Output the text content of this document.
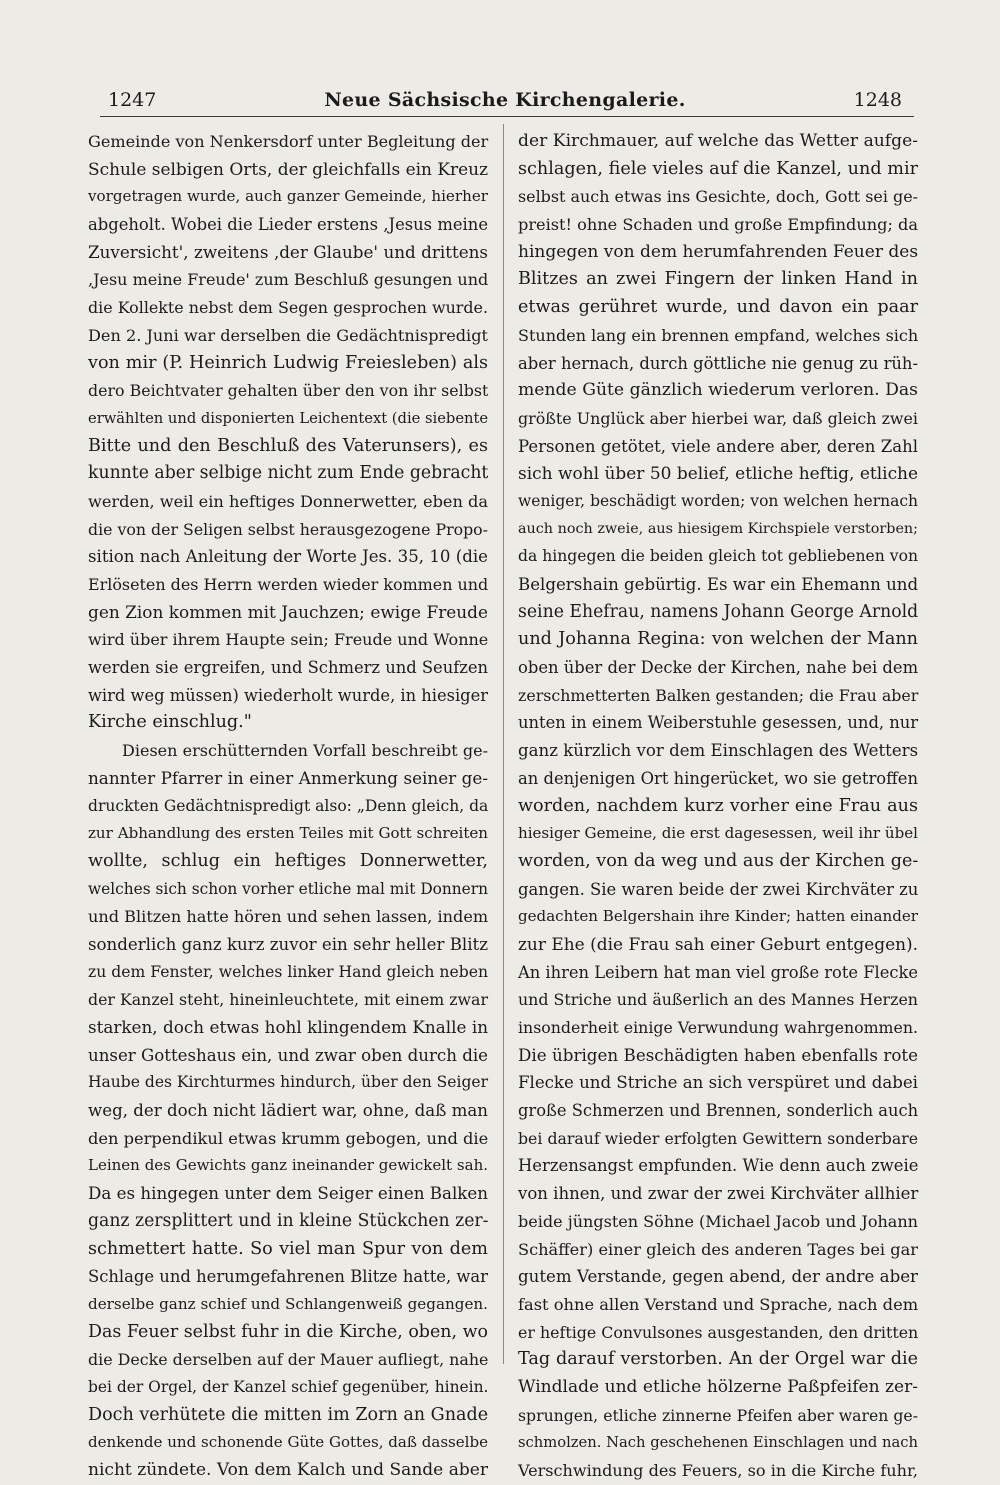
1247	Neue Sächsische Kirchengalerie.	1248
Gemeinde von Nenkersdorf unter Begleitung der
Schule selbigen Orts, der gleichfalls ein Kreuz
vorgetragen wurde, auch ganzer Gemeinde, hierher
abgeholt. Wobei die Lieder erstens ‚Jesus meine
Zuversicht', zweitens ‚der Glaube' und drittens
‚Jesu meine Freude' zum Beschluß gesungen und
die Kollekte nebst dem Segen gesprochen wurde.
Den 2. Juni war derselben die Gedächtnispredigt
von mir (P. Heinrich Ludwig Freiesleben) als
dero Beichtvater gehalten über den von ihr selbst
erwählten und disponierten Leichentext (die siebente
Bitte und den Beschluß des Vaterunsers), es
kunnte aber selbige nicht zum Ende gebracht
werden, weil ein heftiges Donnerwetter, eben da
die von der Seligen selbst herausgezogene Propo-
sition nach Anleitung der Worte Jes. 35, 10 (die
Erlöseten des Herrn werden wieder kommen und
gen Zion kommen mit Jauchzen; ewige Freude
wird über ihrem Haupte sein; Freude und Wonne
werden sie ergreifen, und Schmerz und Seufzen
wird weg müssen) wiederholt wurde, in hiesiger
Kirche einschlug."
Diesen erschütternden Vorfall beschreibt ge-
nannter Pfarrer in einer Anmerkung seiner ge-
druckten Gedächtnispredigt also: „Denn gleich, da
zur Abhandlung des ersten Teiles mit Gott schreiten
wollte, schlug ein heftiges Donnerwetter,
welches sich schon vorher etliche mal mit Donnern
und Blitzen hatte hören und sehen lassen, indem
sonderlich ganz kurz zuvor ein sehr heller Blitz
zu dem Fenster, welches linker Hand gleich neben
der Kanzel steht, hineinleuchtete, mit einem zwar
starken, doch etwas hohl klingendem Knalle in
unser Gotteshaus ein, und zwar oben durch die
Haube des Kirchturmes hindurch, über den Seiger
weg, der doch nicht lädiert war, ohne, daß man
den perpendikul etwas krumm gebogen, und die
Leinen des Gewichts ganz ineinander gewickelt sah.
Da es hingegen unter dem Seiger einen Balken
ganz zersplittert und in kleine Stückchen zer-
schmettert hatte. So viel man Spur von dem
Schlage und herumgefahrenen Blitze hatte, war
derselbe ganz schief und Schlangenweiß gegangen.
Das Feuer selbst fuhr in die Kirche, oben, wo
die Decke derselben auf der Mauer aufliegt, nahe
bei der Orgel, der Kanzel schief gegenüber, hinein.
Doch verhütete die mitten im Zorn an Gnade
denkende und schonende Güte Gottes, daß dasselbe
nicht zündete. Von dem Kalch und Sande aber
der Kirchmauer, auf welche das Wetter aufge-
schlagen, fiele vieles auf die Kanzel, und mir
selbst auch etwas ins Gesichte, doch, Gott sei ge-
preist! ohne Schaden und große Empfindung; da
hingegen von dem herumfahrenden Feuer des
Blitzes an zwei Fingern der linken Hand in
etwas gerühret wurde, und davon ein paar
Stunden lang ein brennen empfand, welches sich
aber hernach, durch göttliche nie genug zu rüh-
mende Güte gänzlich wiederum verloren. Das
größte Unglück aber hierbei war, daß gleich zwei
Personen getötet, viele andere aber, deren Zahl
sich wohl über 50 belief, etliche heftig, etliche
weniger, beschädigt worden; von welchen hernach
auch noch zweie, aus hiesigem Kirchspiele verstorben;
da hingegen die beiden gleich tot gebliebenen von
Belgershain gebürtig. Es war ein Ehemann und
seine Ehefrau, namens Johann George Arnold
und Johanna Regina: von welchen der Mann
oben über der Decke der Kirchen, nahe bei dem
zerschmetterten Balken gestanden; die Frau aber
unten in einem Weiberstuhle gesessen, und, nur
ganz kürzlich vor dem Einschlagen des Wetters
an denjenigen Ort hingerücket, wo sie getroffen
worden, nachdem kurz vorher eine Frau aus
hiesiger Gemeine, die erst dagesessen, weil ihr übel
worden, von da weg und aus der Kirchen ge-
gangen. Sie waren beide der zwei Kirchväter zu
gedachten Belgershain ihre Kinder; hatten einander
zur Ehe (die Frau sah einer Geburt entgegen).
An ihren Leibern hat man viel große rote Flecke
und Striche und äußerlich an des Mannes Herzen
insonderheit einige Verwundung wahrgenommen.
Die übrigen Beschädigten haben ebenfalls rote
Flecke und Striche an sich verspüret und dabei
große Schmerzen und Brennen, sonderlich auch
bei darauf wieder erfolgten Gewittern sonderbare
Herzensangst empfunden. Wie denn auch zweie
von ihnen, und zwar der zwei Kirchväter allhier
beide jüngsten Söhne (Michael Jacob und Johann
Schäffer) einer gleich des anderen Tages bei gar
gutem Verstande, gegen abend, der andre aber
fast ohne allen Verstand und Sprache, nach dem
er heftige Convulsones ausgestanden, den dritten
Tag darauf verstorben. An der Orgel war die
Windlade und etliche hölzerne Paßpfeifen zer-
sprungen, etliche zinnerne Pfeifen aber waren ge-
schmolzen. Nach geschehenen Einschlagen und nach
Verschwindung des Feuers, so in die Kirche fuhr,
